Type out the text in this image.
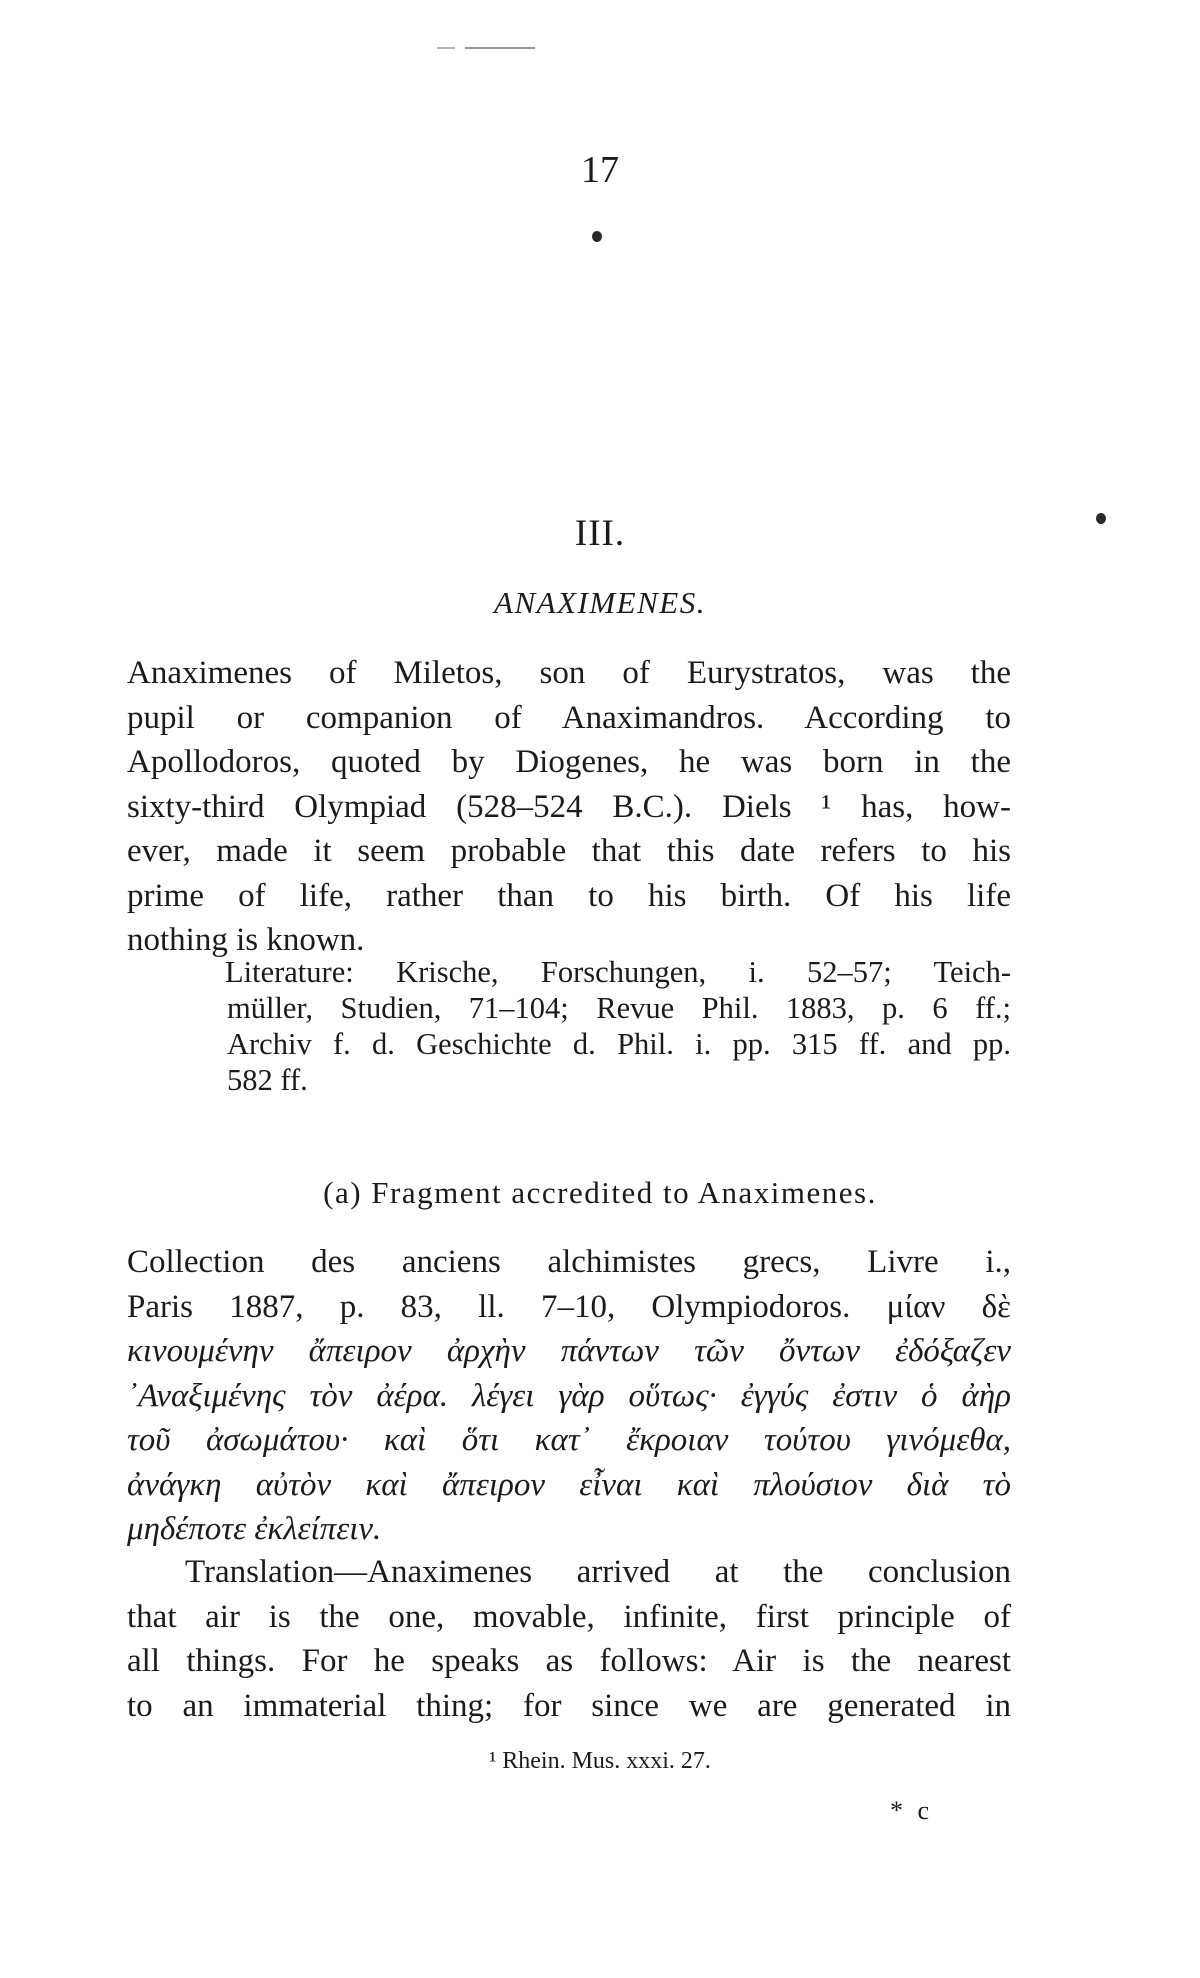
17
III.
ANAXIMENES.
Anaximenes of Miletos, son of Eurystratos, was the
pupil or companion of Anaximandros. According to
Apollodoros, quoted by Diogenes, he was born in the
sixty-third Olympiad (528–524 B.C.). Diels ¹ has, how-
ever, made it seem probable that this date refers to his
prime of life, rather than to his birth. Of his life
nothing is known.
Literature: Krische, Forschungen, i. 52–57; Teich-
müller, Studien, 71–104; Revue Phil. 1883, p. 6 ff.;
Archiv f. d. Geschichte d. Phil. i. pp. 315 ff. and pp.
582 ff.
(a) Fragment accredited to Anaximenes.
Collection des anciens alchimistes grecs, Livre i.,
Paris 1887, p. 83, ll. 7–10, Olympiodoros. μίαν δὲ
κινουμένην ἄπειρον ἀρχὴν πάντων τῶν ὄντων ἐδόξαζεν
᾿Αναξιμένης τὸν ἀέρα. λέγει γὰρ οὕτως· ἐγγύς ἐστιν ὁ ἀὴρ
τοῦ ἀσωμάτου· καὶ ὅτι κατ᾿ ἔκροιαν τούτου γινόμεθα,
ἀνάγκη αὐτὸν καὶ ἄπειρον εἶναι καὶ πλούσιον διὰ τὸ
μηδέποτε ἐκλείπειν.
Translation—Anaximenes arrived at the conclusion
that air is the one, movable, infinite, first principle of
all things. For he speaks as follows: Air is the nearest
to an immaterial thing; for since we are generated in
¹ Rhein. Mus. xxxi. 27.
* c
